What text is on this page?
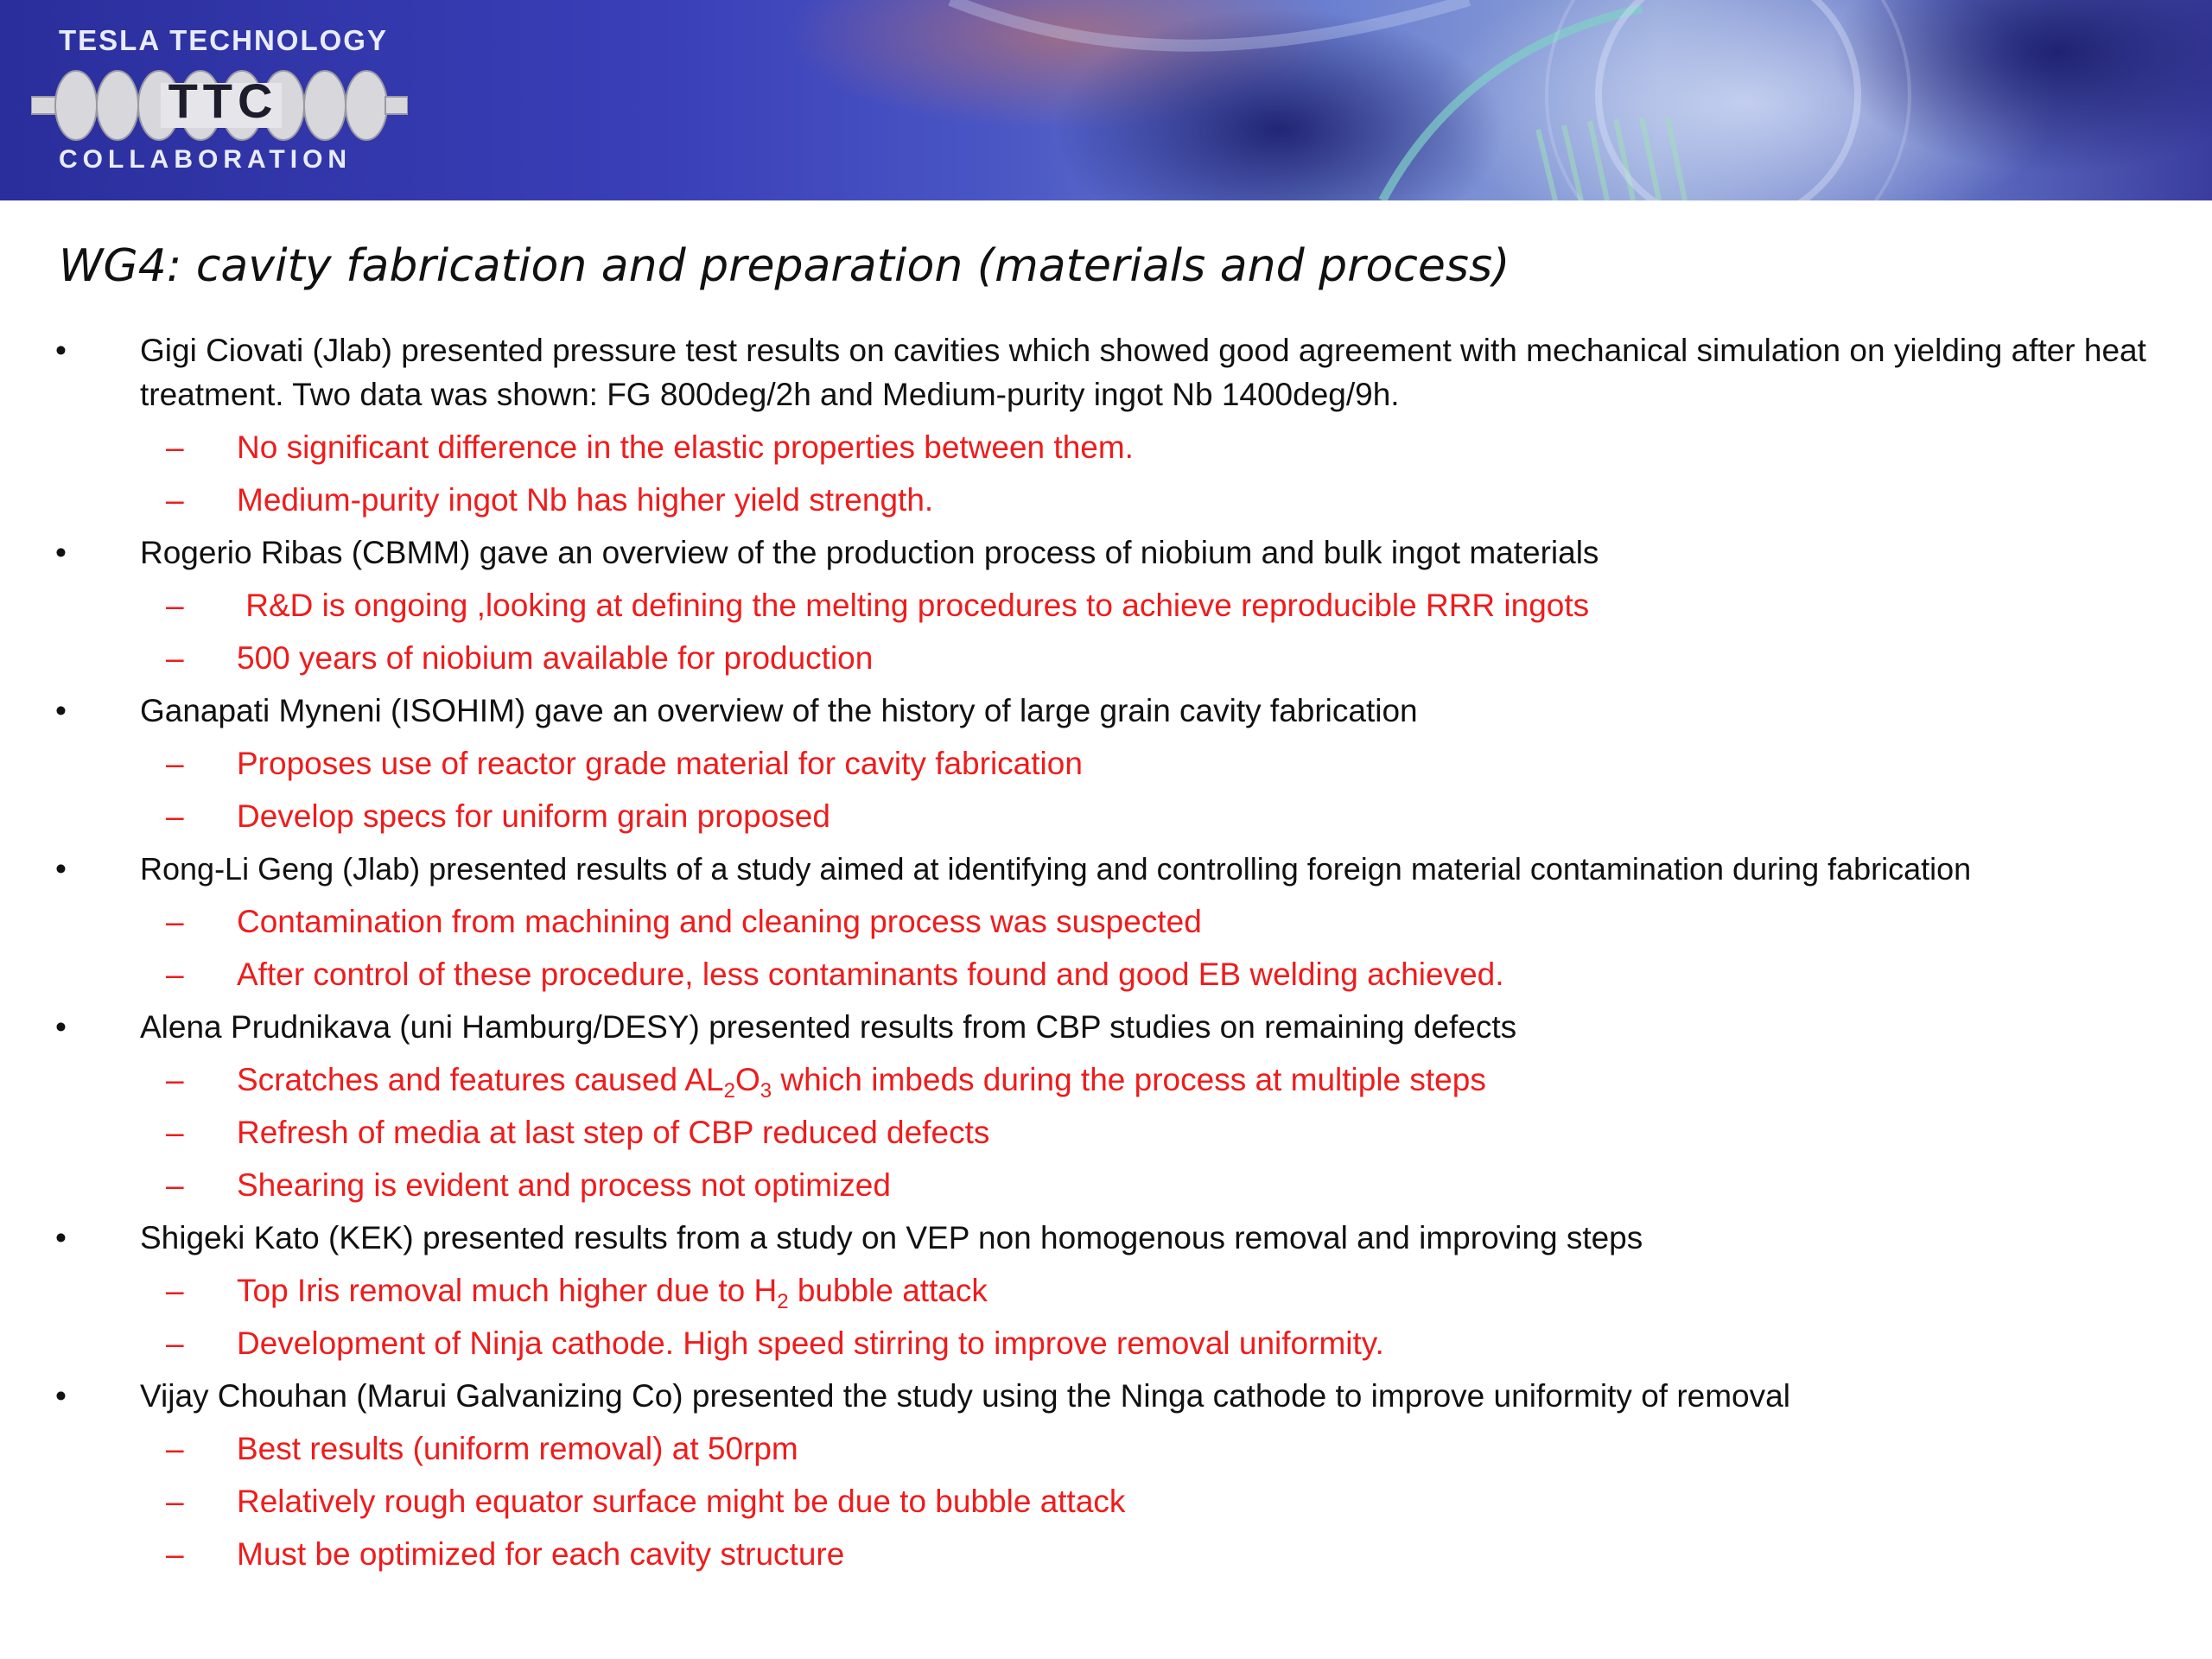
TESLA TECHNOLOGY
TTC
COLLABORATION
WG4: cavity fabrication and preparation (materials and process)
• Gigi Ciovati (Jlab) presented pressure test results on cavities which showed good agreement with mechanical simulation on yielding after heat treatment. Two data was shown: FG 800deg/2h and Medium-purity ingot Nb 1400deg/9h.
– No significant difference in the elastic properties between them.
– Medium-purity ingot Nb has higher yield strength.
• Rogerio Ribas (CBMM) gave an overview of the production process of niobium and bulk ingot materials
– R&D is ongoing ,looking at defining the melting procedures to achieve reproducible RRR ingots
– 500 years of niobium available for production
• Ganapati Myneni (ISOHIM) gave an overview of the history of large grain cavity fabrication
– Proposes use of reactor grade material for cavity fabrication
– Develop specs for uniform grain proposed
• Rong-Li Geng (Jlab) presented results of a study aimed at identifying and controlling foreign material contamination during fabrication
– Contamination from machining and cleaning process was suspected
– After control of these procedure, less contaminants found and good EB welding achieved.
• Alena Prudnikava (uni Hamburg/DESY) presented results from CBP studies on remaining defects
– Scratches and features caused $AL_2O_3$ which imbeds during the process at multiple steps
– Refresh of media at last step of CBP reduced defects
– Shearing is evident and process not optimized
• Shigeki Kato (KEK) presented results from a study on VEP non homogenous removal and improving steps
– Top Iris removal much higher due to $H_2$ bubble attack
– Development of Ninja cathode. High speed stirring to improve removal uniformity.
• Vijay Chouhan (Marui Galvanizing Co) presented the study using the Ninga cathode to improve uniformity of removal
– Best results (uniform removal) at 50rpm
– Relatively rough equator surface might be due to bubble attack
– Must be optimized for each cavity structure
